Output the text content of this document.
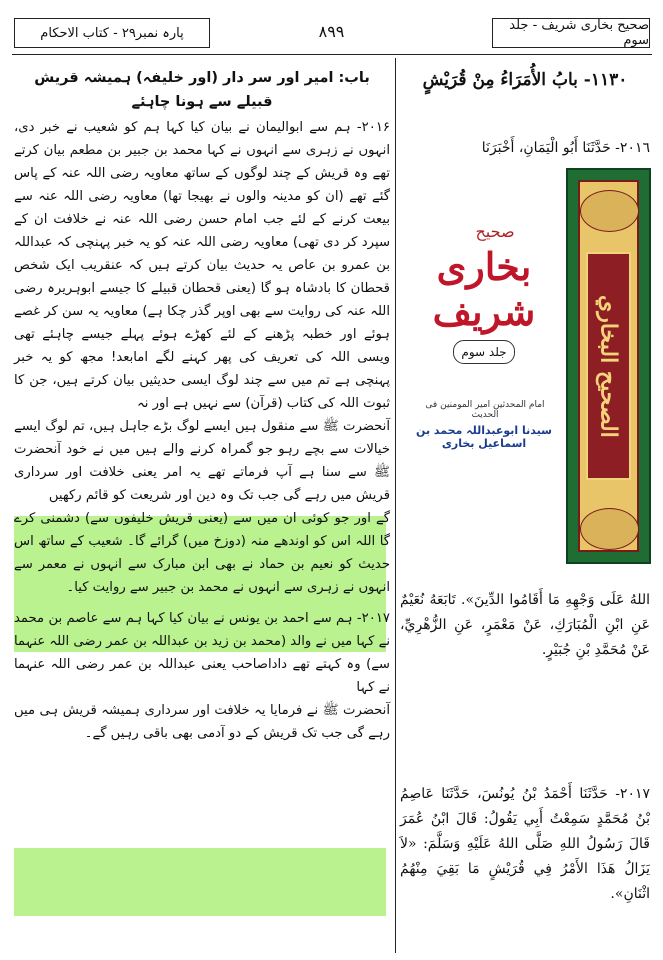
پارہ نمبر۲۹ - کتاب الاحکام	۸۹۹	صحیح بخاری شریف - جلد سوم
باب: امیر اور سر دار (اور خلیفہ) ہمیشہ قریش قبیلے سے ہونا چاہئے

۲۰۱۶- ہم سے ابوالیمان نے بیان کیا کہا ہم کو شعیب نے خبر دی، انہوں نے زہری سے انہوں نے کہا محمد بن جبیر بن مطعم بیان کرتے تھے وہ قریش کے چند لوگوں کے ساتھ معاویہ رضی اللہ عنہ کے پاس گئے تھے (ان کو مدینہ والوں نے بھیجا تھا) معاویہ رضی اللہ عنہ سے بیعت کرنے کے لئے جب امام حسن رضی اللہ عنہ نے خلافت ان کے سپرد کر دی تھی) معاویہ رضی اللہ عنہ کو یہ خبر پہنچی کہ عبداللہ بن عمرو بن عاص یہ حدیث بیان کرتے ہیں کہ عنقریب ایک شخص قحطان کا بادشاہ ہو گا (یعنی قحطان قبیلے کا جیسے ابوہریرہ رضی اللہ عنہ کی روایت سے بھی اوپر گذر چکا ہے) معاویہ یہ سن کر غصے ہوئے اور خطبہ پڑھنے کے لئے کھڑے ہوئے پہلے جیسے چاہئے تھی ویسی اللہ کی تعریف کی پھر کہنے لگے امابعد! مجھ کو یہ خبر پہنچی ہے تم میں سے چند لوگ ایسی حدیثیں بیان کرتے ہیں، جن کا ثبوت اللہ کی کتاب (قرآن) سے نہیں ہے اور نہ

آنحضرت ﷺ سے منقول ہیں ایسے لوگ بڑے جاہل ہیں، تم لوگ ایسے خیالات سے بچے رہو جو گمراہ کرنے والے ہیں میں نے خود آنحضرت ﷺ سے سنا ہے آپ فرماتے تھے یہ امر یعنی خلافت اور سرداری قریش میں رہے گی جب تک وہ دین اور شریعت کو قائم رکھیں

گے اور جو کوئی ان میں سے (یعنی قریش خلیفوں سے) دشمنی کرے گا اللہ اس کو اوندھے منہ (دوزخ میں) گرائے گا۔ شعیب کے ساتھ اس حدیث کو نعیم بن حماد نے بھی ابن مبارک سے انہوں نے معمر سے انہوں نے زہری سے انہوں نے محمد بن جبیر سے روایت کیا۔

۲۰۱۷- ہم سے احمد بن یونس نے بیان کیا کہا ہم سے عاصم بن محمد نے کہا میں نے والد (محمد بن زید بن عبداللہ بن عمر رضی اللہ عنہما سے) وہ کہتے تھے داداصاحب یعنی عبداللہ بن عمر رضی اللہ عنہما نے کہا

آنحضرت ﷺ نے فرمایا یہ خلافت اور سرداری ہمیشہ قریش ہی میں رہے گی جب تک قریش کے دو آدمی بھی باقی رہیں گے۔

١١٣٠- بابُ الأُمَرَاءُ مِنْ قُرَيْشٍ
٢٠١٦- حَدَّثَنَا أَبُو الْيَمَانِ، أَخْبَرَنَا
اللهُ عَلَى وَجْهِهِ مَا أَقَامُوا الدِّينَ». تَابَعَهُ نُعَيْمٌ عَنِ ابْنِ الْمُبَارَكِ، عَنْ مَعْمَرٍ، عَنِ الزُّهْرِيِّ، عَنْ مُحَمَّدِ بْنِ جُبَيْرٍ.
٢٠١٧- حَدَّثَنَا أَحْمَدُ بْنُ يُونُسَ، حَدَّثَنَا عَاصِمُ بْنُ مُحَمَّدٍ سَمِعْتُ أَبِي يَقُولُ: قَالَ ابْنُ عُمَرَ قَالَ رَسُولُ اللهِ صَلَّى اللهُ عَلَيْهِ وَسَلَّمَ: «لاَ يَزَالُ هَذَا الأَمْرُ فِي قُرَيْشٍ مَا بَقِيَ مِنْهُمُ اثْنَانِ».
صحیح
بخاری شریف
جلد سوم
امام المحدثین امیر المومنین فی الحدیث
سیدنا ابوعبداللہ محمد بن اسماعیل بخاری
الصحيح البخاري
